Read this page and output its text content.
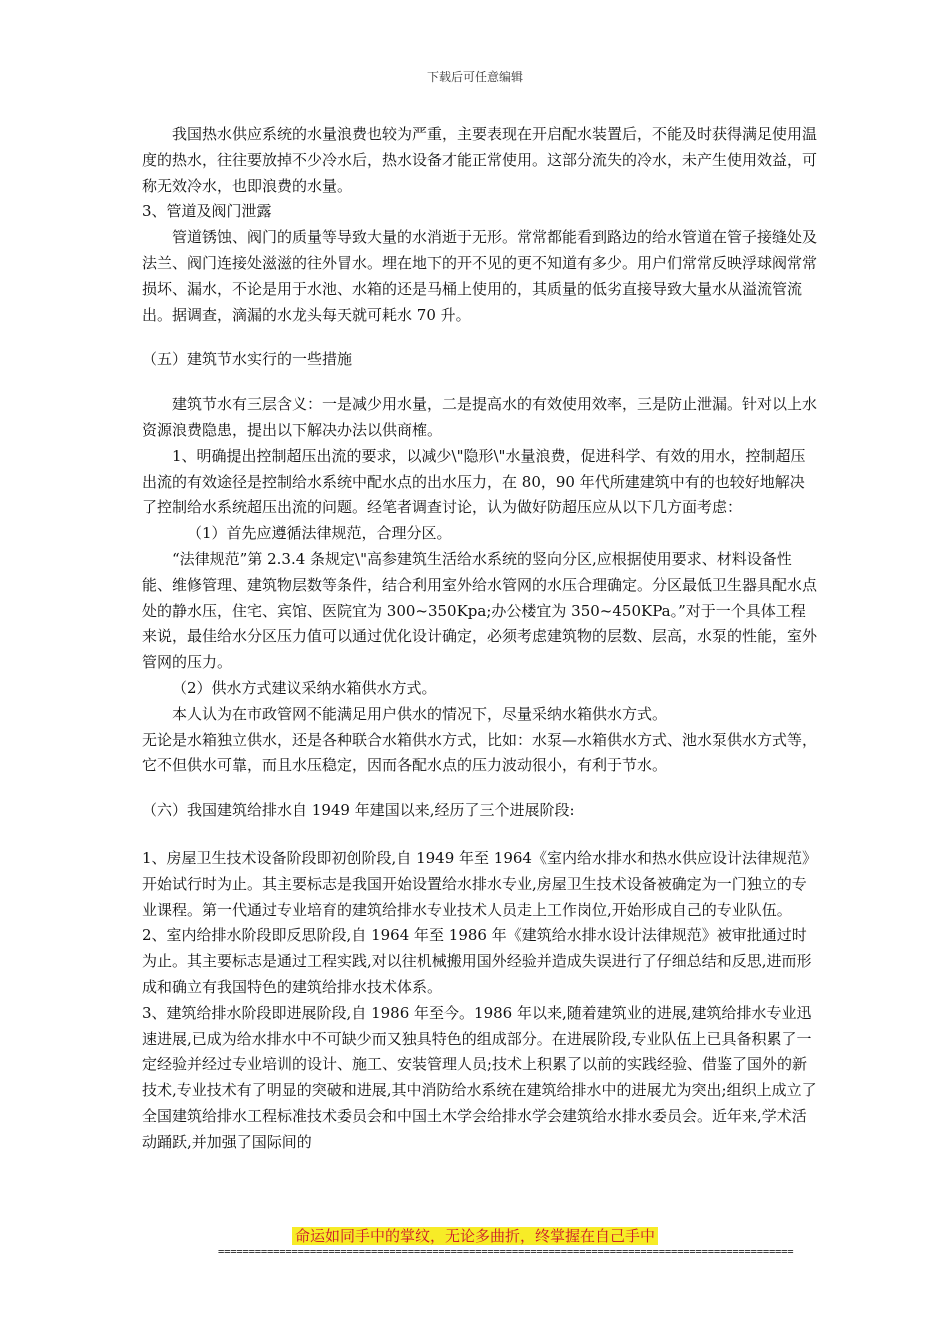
下载后可任意编辑

我国热水供应系统的水量浪费也较为严重，主要表现在开启配水装置后，不能及时获得满足使用温度的热水，往往要放掉不少冷水后，热水设备才能正常使用。这部分流失的冷水，未产生使用效益，可称无效冷水，也即浪费的水量。

3、管道及阀门泄露

管道锈蚀、阀门的质量等导致大量的水消逝于无形。常常都能看到路边的给水管道在管子接缝处及法兰、阀门连接处滋滋的往外冒水。埋在地下的开不见的更不知道有多少。用户们常常反映浮球阀常常损坏、漏水，不论是用于水池、水箱的还是马桶上使用的，其质量的低劣直接导致大量水从溢流管流出。据调查，滴漏的水龙头每天就可耗水 70 升。

（五）建筑节水实行的一些措施

建筑节水有三层含义：一是减少用水量，二是提高水的有效使用效率，三是防止泄漏。针对以上水资源浪费隐患，提出以下解决办法以供商榷。

1、明确提出控制超压出流的要求，以减少\"隐形\"水量浪费，促进科学、有效的用水，控制超压出流的有效途径是控制给水系统中配水点的出水压力，在 80，90 年代所建建筑中有的也较好地解决了控制给水系统超压出流的问题。经笔者调查讨论，认为做好防超压应从以下几方面考虑：

（1）首先应遵循法律规范，合理分区。

“法律规范”第 2.3.4 条规定\"高参建筑生活给水系统的竖向分区,应根据使用要求、材料设备性能、维修管理、建筑物层数等条件，结合利用室外给水管网的水压合理确定。分区最低卫生器具配水点处的静水压，住宅、宾馆、医院宜为 300~350Kpa;办公楼宜为 350~450KPa。”对于一个具体工程来说，最佳给水分区压力值可以通过优化设计确定，必须考虑建筑物的层数、层高，水泵的性能，室外管网的压力。

（2）供水方式建议采纳水箱供水方式。

本人认为在市政管网不能满足用户供水的情况下，尽量采纳水箱供水方式。

无论是水箱独立供水，还是各种联合水箱供水方式，比如：水泵—水箱供水方式、池水泵供水方式等，它不但供水可靠，而且水压稳定，因而各配水点的压力波动很小，有利于节水。

（六）我国建筑给排水自 1949 年建国以来,经历了三个进展阶段:

1、房屋卫生技术设备阶段即初创阶段,自 1949 年至 1964《室内给水排水和热水供应设计法律规范》开始试行时为止。其主要标志是我国开始设置给水排水专业,房屋卫生技术设备被确定为一门独立的专业课程。第一代通过专业培育的建筑给排水专业技术人员走上工作岗位,开始形成自己的专业队伍。

2、室内给排水阶段即反思阶段,自 1964 年至 1986 年《建筑给水排水设计法律规范》被审批通过时为止。其主要标志是通过工程实践,对以往机械搬用国外经验并造成失误进行了仔细总结和反思,进而形成和确立有我国特色的建筑给排水技术体系。

3、建筑给排水阶段即进展阶段,自 1986 年至今。1986 年以来,随着建筑业的进展,建筑给排水专业迅速进展,已成为给水排水中不可缺少而又独具特色的组成部分。在进展阶段,专业队伍上已具备积累了一定经验并经过专业培训的设计、施工、安装管理人员;技术上积累了以前的实践经验、借鉴了国外的新技术,专业技术有了明显的突破和进展,其中消防给水系统在建筑给排水中的进展尤为突出;组织上成立了全国建筑给排水工程标准技术委员会和中国土木学会给排水学会建筑给水排水委员会。近年来,学术活动踊跃,并加强了国际间的

命运如同手中的掌纹，无论多曲折，终掌握在自己手中
==============================================================================================
